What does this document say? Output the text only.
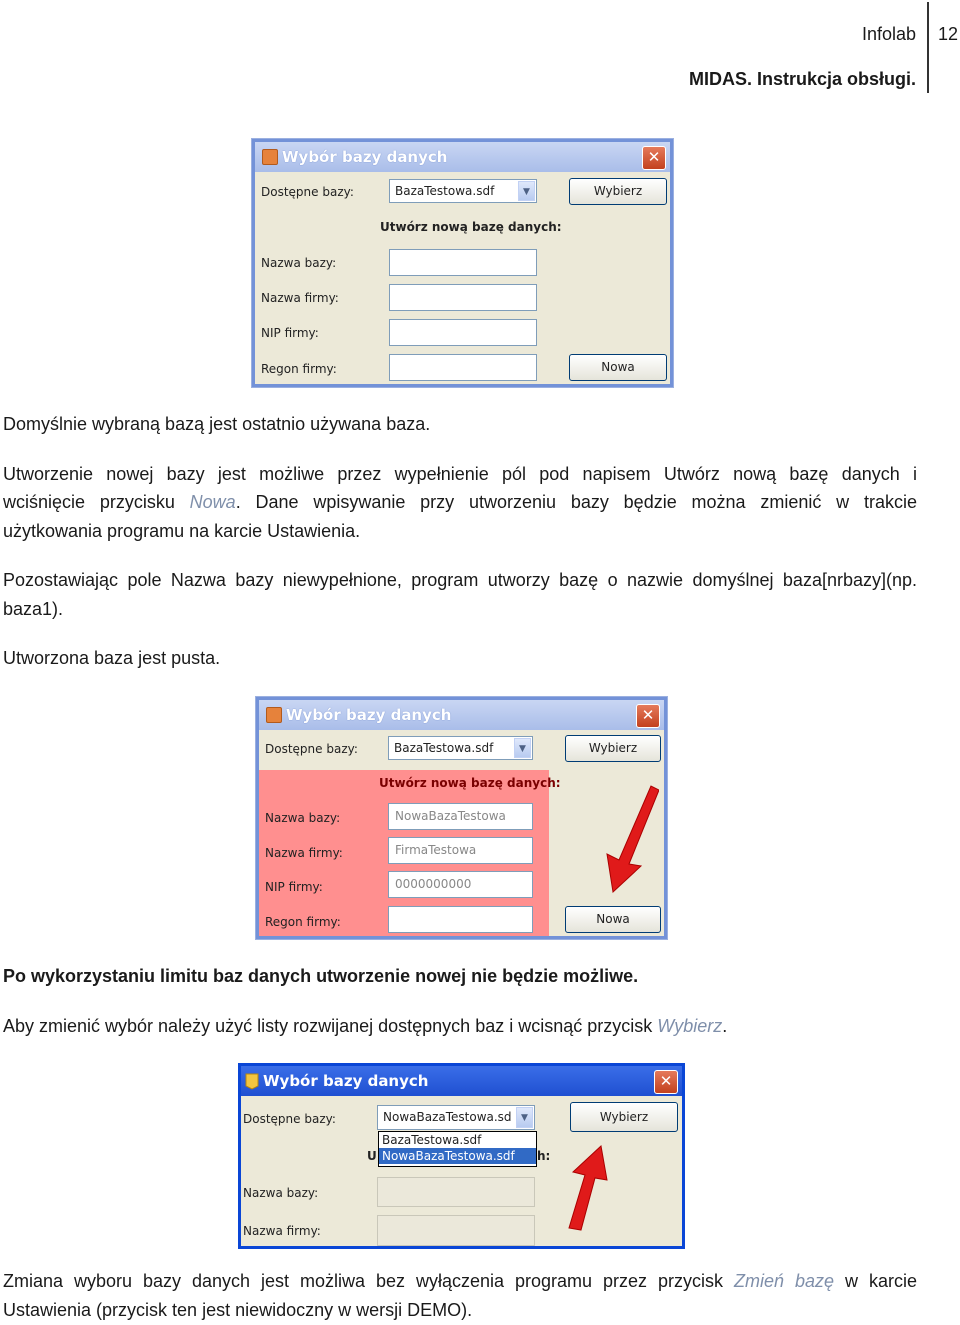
Infolab 12
MIDAS. Instrukcja obsługi.
Wybór bazy danych	✕
Dostępne bazy:	BazaTestowa.sdf	▼	Wybierz
Utwórz nową bazę danych:
Nazwa bazy:
Nazwa firmy:
NIP firmy:
Regon firmy:	Nowa

Domyślnie wybraną bazą jest ostatnio używana baza.

Utworzenie nowej bazy jest możliwe przez wypełnienie pól pod napisem Utwórz nową bazę danych i

wciśnięcie przycisku Nowa. Dane wpisywanie przy utworzeniu bazy będzie można zmienić w trakcie

użytkowania programu na karcie Ustawienia.

Pozostawiając pole Nazwa bazy niewypełnione, program utworzy bazę o nazwie domyślnej baza[nrbazy](np.

baza1).

Utworzona baza jest pusta.

Wybór bazy danych	✕
Dostępne bazy:	BazaTestowa.sdf	▼	Wybierz
Utwórz nową bazę danych:
Nazwa bazy:	NowaBazaTestowa
Nazwa firmy:	FirmaTestowa
NIP firmy:	0000000000
Regon firmy:	Nowa

Po wykorzystaniu limitu baz danych utworzenie nowej nie będzie możliwe.

Aby zmienić wybór należy użyć listy rozwijanej dostępnych baz i wcisnąć przycisk Wybierz.

Wybór bazy danych	✕
Dostępne bazy:	NowaBazaTestowa.sd	▼	Wybierz
U	h:
BazaTestowa.sdf
NowaBazaTestowa.sdf
Nazwa bazy:
Nazwa firmy:

Zmiana wyboru bazy danych jest możliwa bez wyłączenia programu przez przycisk Zmień bazę w karcie

Ustawienia (przycisk ten jest niewidoczny w wersji DEMO).
